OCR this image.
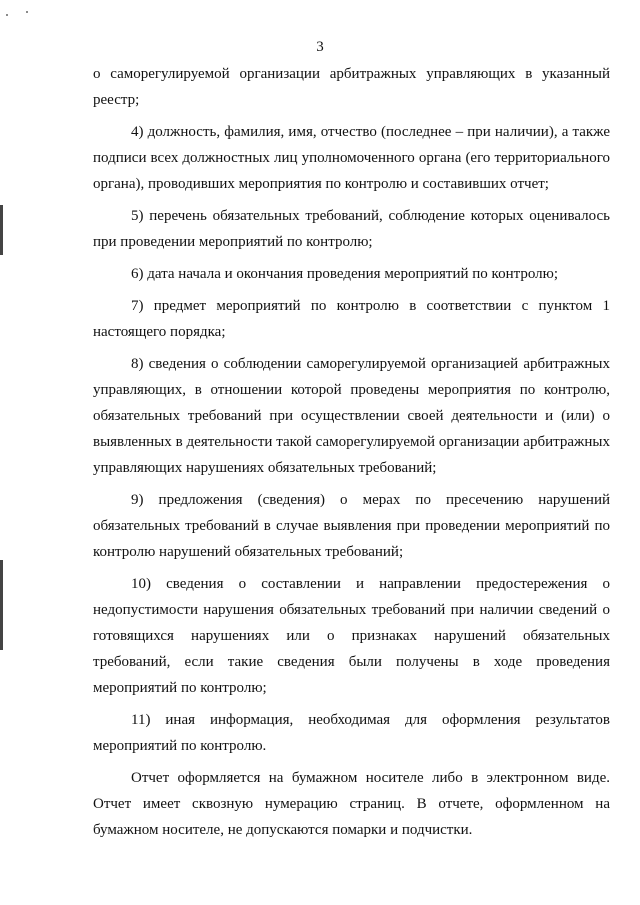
3

о саморегулируемой организации арбитражных управляющих в указанный реестр;

4) должность, фамилия, имя, отчество (последнее – при наличии), а также подписи всех должностных лиц уполномоченного органа (его территориального органа), проводивших мероприятия по контролю и составивших отчет;

5) перечень обязательных требований, соблюдение которых оценивалось при проведении мероприятий по контролю;

6) дата начала и окончания проведения мероприятий по контролю;

7) предмет мероприятий по контролю в соответствии с пунктом 1 настоящего порядка;

8) сведения о соблюдении саморегулируемой организацией арбитражных управляющих, в отношении которой проведены мероприятия по контролю, обязательных требований при осуществлении своей деятельности и (или) о выявленных в деятельности такой саморегулируемой организации арбитражных управляющих нарушениях обязательных требований;

9) предложения (сведения) о мерах по пресечению нарушений обязательных требований в случае выявления при проведении мероприятий по контролю нарушений обязательных требований;

10) сведения о составлении и направлении предостережения о недопустимости нарушения обязательных требований при наличии сведений о готовящихся нарушениях или о признаках нарушений обязательных требований, если такие сведения были получены в ходе проведения мероприятий по контролю;

11) иная информация, необходимая для оформления результатов мероприятий по контролю.

Отчет оформляется на бумажном носителе либо в электронном виде. Отчет имеет сквозную нумерацию страниц. В отчете, оформленном на бумажном носителе, не допускаются помарки и подчистки.
